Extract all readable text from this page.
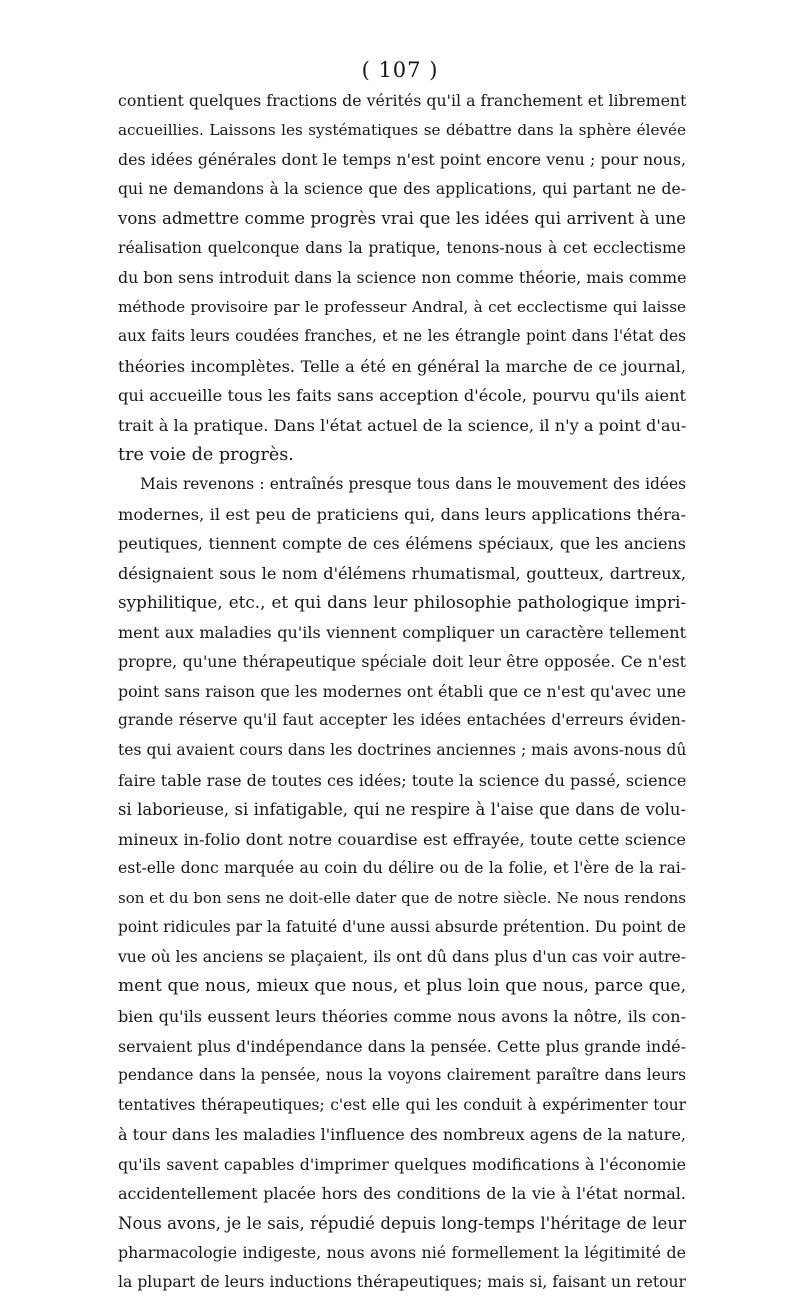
( 107 )
contient quelques fractions de vérités qu'il a franchement et librement
accueillies. Laissons les systématiques se débattre dans la sphère élevée
des idées générales dont le temps n'est point encore venu ; pour nous,
qui ne demandons à la science que des applications, qui partant ne de-
vons admettre comme progrès vrai que les idées qui arrivent à une
réalisation quelconque dans la pratique, tenons-nous à cet ecclectisme
du bon sens introduit dans la science non comme théorie, mais comme
méthode provisoire par le professeur Andral, à cet ecclectisme qui laisse
aux faits leurs coudées franches, et ne les étrangle point dans l'état des
théories incomplètes. Telle a été en général la marche de ce journal,
qui accueille tous les faits sans acception d'école, pourvu qu'ils aient
trait à la pratique. Dans l'état actuel de la science, il n'y a point d'au-
tre voie de progrès.
Mais revenons : entraînés presque tous dans le mouvement des idées
modernes, il est peu de praticiens qui, dans leurs applications théra-
peutiques, tiennent compte de ces élémens spéciaux, que les anciens
désignaient sous le nom d'élémens rhumatismal, goutteux, dartreux,
syphilitique, etc., et qui dans leur philosophie pathologique impri-
ment aux maladies qu'ils viennent compliquer un caractère tellement
propre, qu'une thérapeutique spéciale doit leur être opposée. Ce n'est
point sans raison que les modernes ont établi que ce n'est qu'avec une
grande réserve qu'il faut accepter les idées entachées d'erreurs éviden-
tes qui avaient cours dans les doctrines anciennes ; mais avons-nous dû
faire table rase de toutes ces idées; toute la science du passé, science
si laborieuse, si infatigable, qui ne respire à l'aise que dans de volu-
mineux in-folio dont notre couardise est effrayée, toute cette science
est-elle donc marquée au coin du délire ou de la folie, et l'ère de la rai-
son et du bon sens ne doit-elle dater que de notre siècle. Ne nous rendons
point ridicules par la fatuité d'une aussi absurde prétention. Du point de
vue où les anciens se plaçaient, ils ont dû dans plus d'un cas voir autre-
ment que nous, mieux que nous, et plus loin que nous, parce que,
bien qu'ils eussent leurs théories comme nous avons la nôtre, ils con-
servaient plus d'indépendance dans la pensée. Cette plus grande indé-
pendance dans la pensée, nous la voyons clairement paraître dans leurs
tentatives thérapeutiques; c'est elle qui les conduit à expérimenter tour
à tour dans les maladies l'influence des nombreux agens de la nature,
qu'ils savent capables d'imprimer quelques modifications à l'économie
accidentellement placée hors des conditions de la vie à l'état normal.
Nous avons, je le sais, répudié depuis long-temps l'héritage de leur
pharmacologie indigeste, nous avons nié formellement la légitimité de
la plupart de leurs inductions thérapeutiques; mais si, faisant un retour
